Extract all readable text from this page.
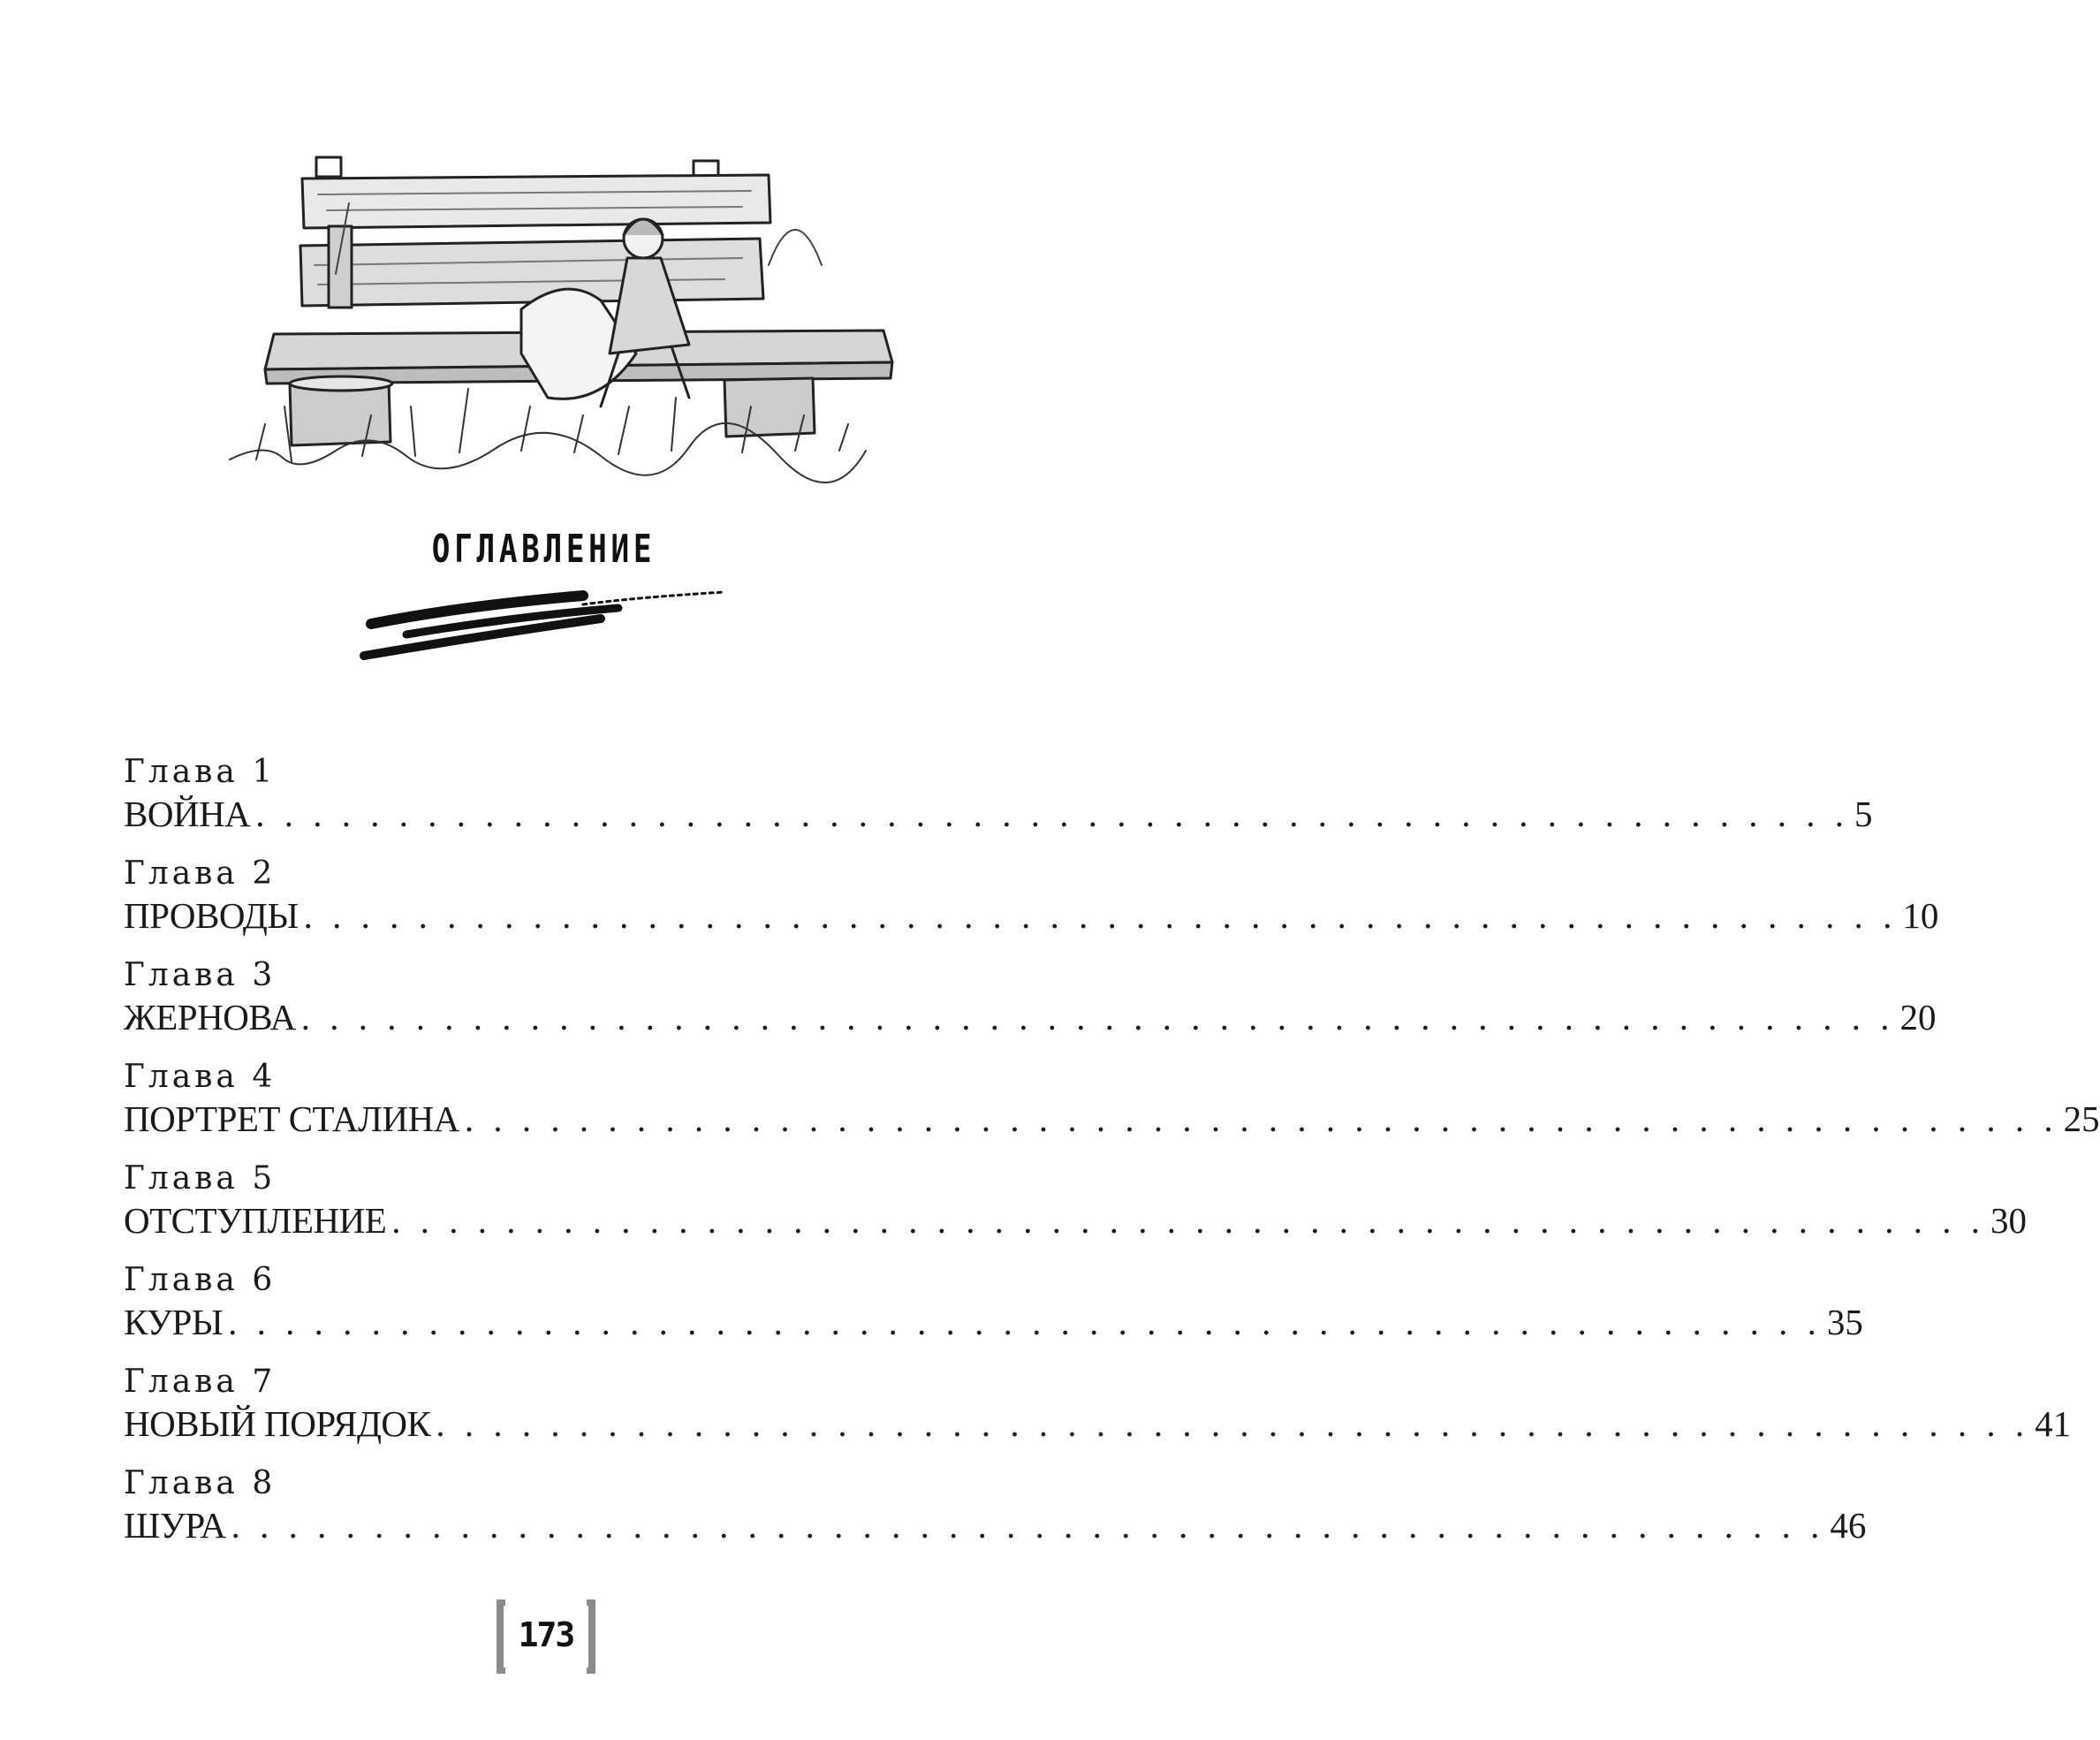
ОГЛАВЛЕНИЕ
Глава 1
ВОЙНА . . . . . . . . . . . . . . . . . . . . . . . . . . . . . . . . . . . . . . . . . . . . . . . . . . . . . . . . 5
Глава 2
ПРОВОДЫ . . . . . . . . . . . . . . . . . . . . . . . . . . . . . . . . . . . . . . . . . . . . . . . . . . . . . . . . 10
Глава 3
ЖЕРНОВА . . . . . . . . . . . . . . . . . . . . . . . . . . . . . . . . . . . . . . . . . . . . . . . . . . . . . . . . 20
Глава 4
ПОРТРЕТ СТАЛИНА . . . . . . . . . . . . . . . . . . . . . . . . . . . . . . . . . . . . . . . . . . . . . . . . . . . . . . . . 25
Глава 5
ОТСТУПЛЕНИЕ . . . . . . . . . . . . . . . . . . . . . . . . . . . . . . . . . . . . . . . . . . . . . . . . . . . . . . . . 30
Глава 6
КУРЫ . . . . . . . . . . . . . . . . . . . . . . . . . . . . . . . . . . . . . . . . . . . . . . . . . . . . . . . . 35
Глава 7
НОВЫЙ ПОРЯДОК . . . . . . . . . . . . . . . . . . . . . . . . . . . . . . . . . . . . . . . . . . . . . . . . . . . . . . . . 41
Глава 8
ШУРА . . . . . . . . . . . . . . . . . . . . . . . . . . . . . . . . . . . . . . . . . . . . . . . . . . . . . . . . 46
173
